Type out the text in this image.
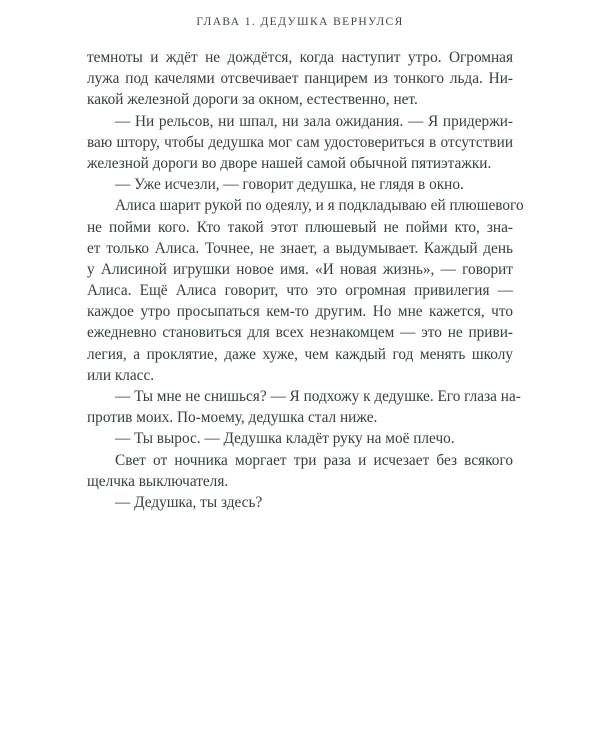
ГЛАВА 1. ДЕДУШКА ВЕРНУЛСЯ
темноты и ждёт не дождётся, когда наступит утро. Огромная
лужа под качелями отсвечивает панцирем из тонкого льда. Ни-
какой железной дороги за окном, естественно, нет.
— Ни рельсов, ни шпал, ни зала ожидания. — Я придержи-
ваю штору, чтобы дедушка мог сам удостовериться в отсутствии
железной дороги во дворе нашей самой обычной пятиэтажки.
— Уже исчезли, — говорит дедушка, не глядя в окно.
Алиса шарит рукой по одеялу, и я подкладываю ей плюшевого
не пойми кого. Кто такой этот плюшевый не пойми кто, зна-
ет только Алиса. Точнее, не знает, а выдумывает. Каждый день
у Алисиной игрушки новое имя. «И новая жизнь», — говорит
Алиса. Ещё Алиса говорит, что это огромная привилегия —
каждое утро просыпаться кем-то другим. Но мне кажется, что
ежедневно становиться для всех незнакомцем — это не приви-
легия, а проклятие, даже хуже, чем каждый год менять школу
или класс.
— Ты мне не снишься? — Я подхожу к дедушке. Его глаза на-
против моих. По-моему, дедушка стал ниже.
— Ты вырос. — Дедушка кладёт руку на моё плечо.
Свет от ночника моргает три раза и исчезает без всякого
щелчка выключателя.
— Дедушка, ты здесь?
